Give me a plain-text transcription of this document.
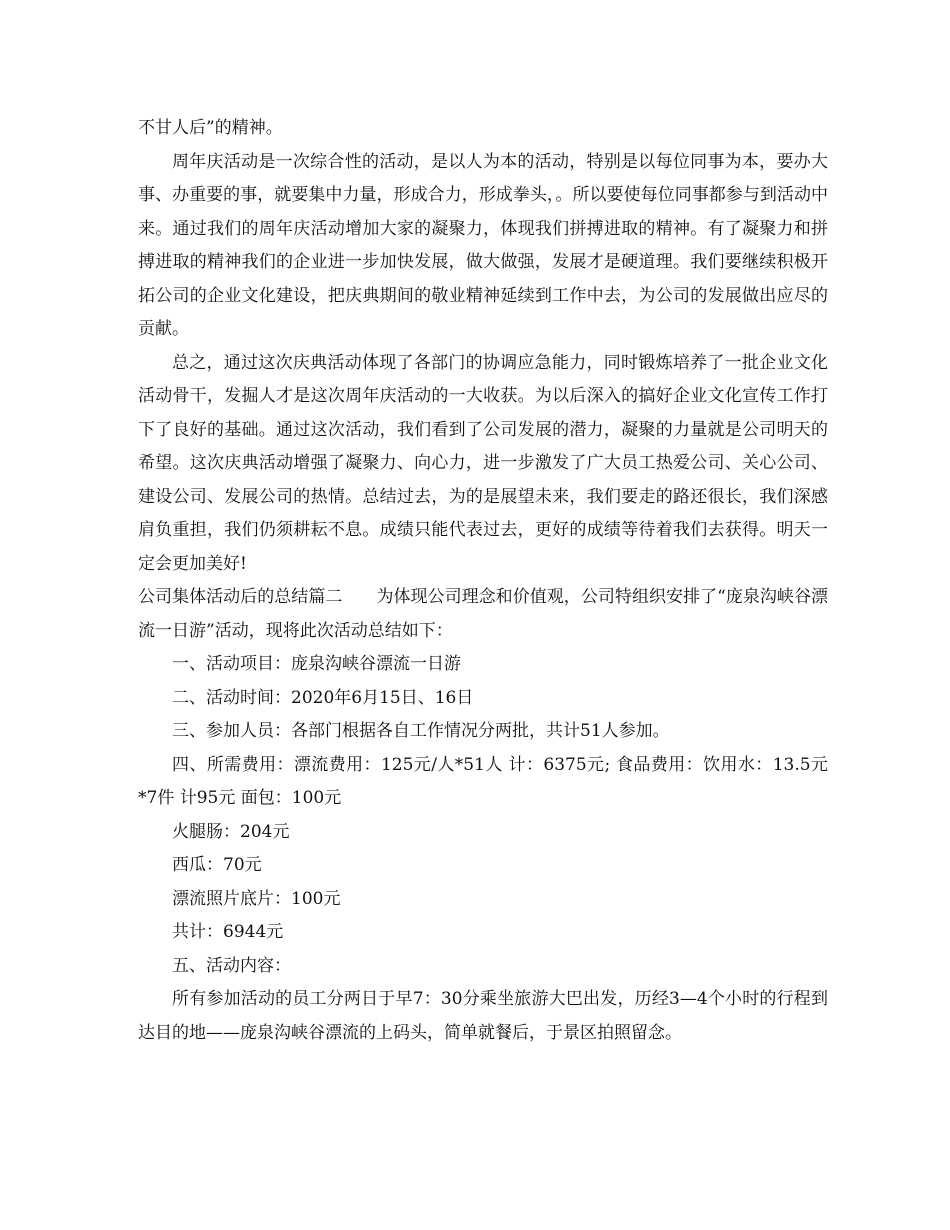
不甘人后”的精神。

周年庆活动是一次综合性的活动，是以人为本的活动，特别是以每位同事为本，要办大事、办重要的事，就要集中力量，形成合力，形成拳头，。所以要使每位同事都参与到活动中来。通过我们的周年庆活动增加大家的凝聚力，体现我们拼搏进取的精神。有了凝聚力和拼搏进取的精神我们的企业进一步加快发展，做大做强，发展才是硬道理。我们要继续积极开拓公司的企业文化建设，把庆典期间的敬业精神延续到工作中去，为公司的发展做出应尽的贡献。

总之，通过这次庆典活动体现了各部门的协调应急能力，同时锻炼培养了一批企业文化活动骨干，发掘人才是这次周年庆活动的一大收获。为以后深入的搞好企业文化宣传工作打下了良好的基础。通过这次活动，我们看到了公司发展的潜力，凝聚的力量就是公司明天的希望。这次庆典活动增强了凝聚力、向心力，进一步激发了广大员工热爱公司、关心公司、建设公司、发展公司的热情。总结过去，为的是展望未来，我们要走的路还很长，我们深感肩负重担，我们仍须耕耘不息。成绩只能代表过去，更好的成绩等待着我们去获得。明天一定会更加美好!

公司集体活动后的总结篇二　　为体现公司理念和价值观，公司特组织安排了“庞泉沟峡谷漂流一日游”活动，现将此次活动总结如下：

一、活动项目：庞泉沟峡谷漂流一日游

二、活动时间：2020年6月15日、16日

三、参加人员：各部门根据各自工作情况分两批，共计51人参加。

四、所需费用：漂流费用：125元/人*51人 计：6375元; 食品费用：饮用水：13.5元*7件 计95元 面包：100元

火腿肠：204元

西瓜：70元

漂流照片底片：100元

共计：6944元

五、活动内容：

所有参加活动的员工分两日于早7：30分乘坐旅游大巴出发，历经3—4个小时的行程到达目的地——庞泉沟峡谷漂流的上码头，简单就餐后，于景区拍照留念。
